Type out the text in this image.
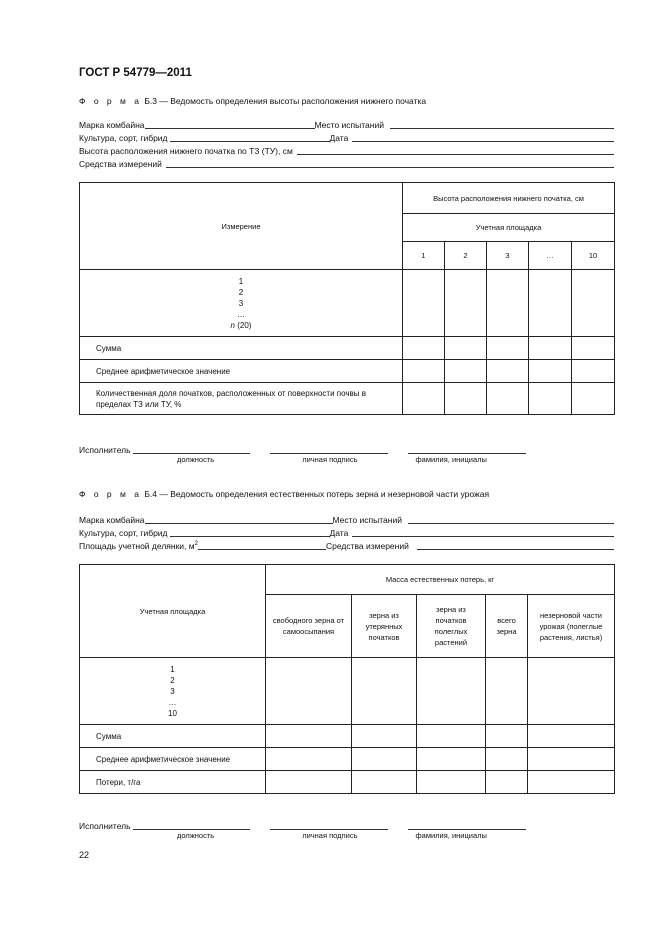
ГОСТ Р 54779—2011
Ф о р м а Б.3 — Ведомость определения высоты расположения нижнего початка
Марка комбайна	Место испытаний
Культура, сорт, гибрид	Дата
Высота расположения нижнего початка по ТЗ (ТУ), см
Средства измерений
Измерение	Высота расположения нижнего початка, см				
	Учетная площадка				
	1	2	3	…	10

1
2
3
…
n (20)					

Сумма					
Среднее арифметическое значение					
Количественная доля початков, расположенных от поверхности почвы в пределах ТЗ или ТУ, %					
Исполнитель
должность	личная подпись	фамилия, инициалы
Ф о р м а Б.4 — Ведомость определения естественных потерь зерна и незерновой части урожая
Марка комбайна	Место испытаний
Культура, сорт, гибрид	Дата
Площадь учетной делянки, $м^2$	Средства измерений
Учетная площадка	Масса естественных потерь, кг				
	свободного зерна от самоосыпания	зерна из утерянных початков	зерна из початков полеглых растений	всего зерна	незерновой части урожая (полеглые растения, листья)

1
2
3
…
10					

Сумма					
Среднее арифметическое значение					
Потери, т/га					
Исполнитель
должность	личная подпись	фамилия, инициалы
22
